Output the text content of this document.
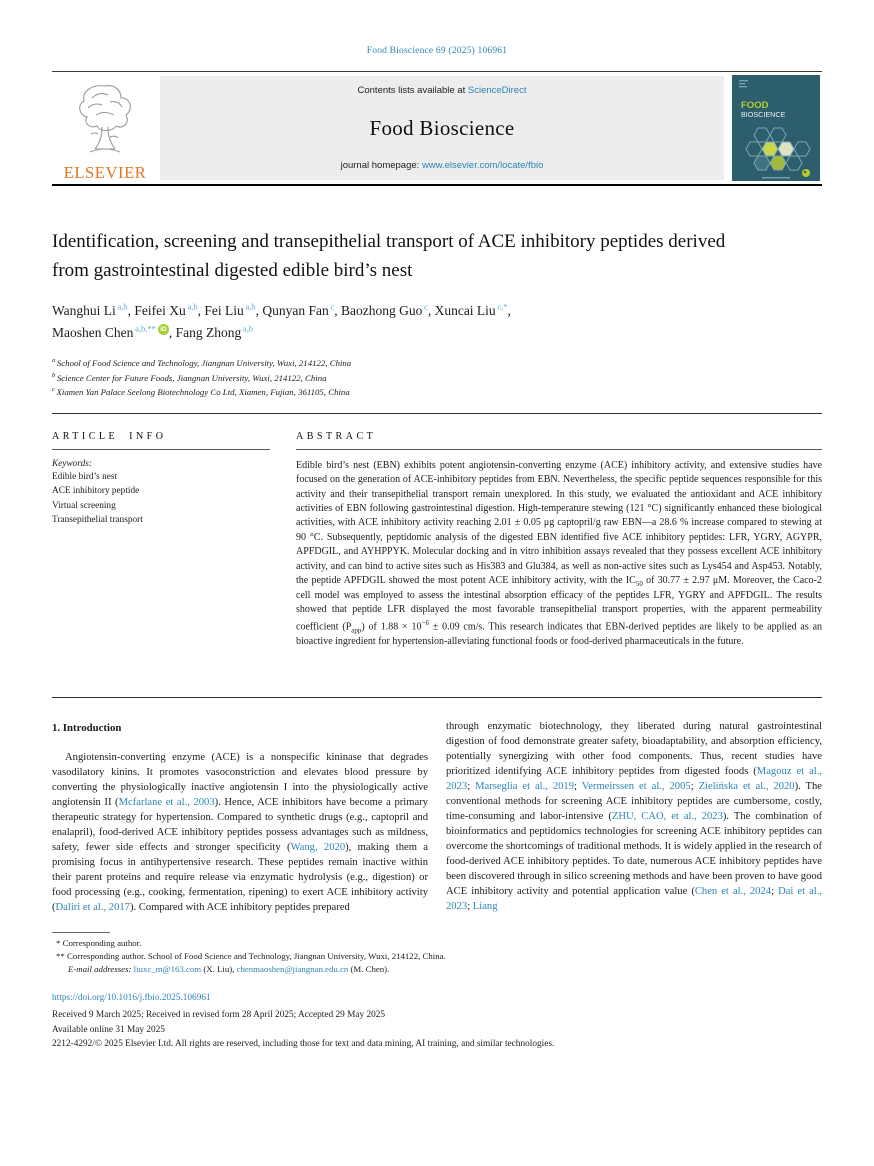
Food Bioscience 69 (2025) 106961
ELSEVIER
Contents lists available at ScienceDirect
Food Bioscience
journal homepage: www.elsevier.com/locate/fbio
FOOD
BIOSCIENCE
Identification, screening and transepithelial transport of ACE inhibitory peptides derived from gastrointestinal digested edible bird’s nest
Wanghui Li $^{a,b}$, Feifei Xu $^{a,b}$, Fei Liu $^{a,b}$, Qunyan Fan $^c$, Baozhong Guo $^c$, Xuncai Liu $^{c,*}$,
Maoshen Chen $^{a,b,**}$ iD , Fang Zhong $^{a,b}$
$^a$ School of Food Science and Technology, Jiangnan University, Wuxi, 214122, China
$^b$ Science Center for Future Foods, Jiangnan University, Wuxi, 214122, China
$^c$ Xiamen Yan Palace Seelong Biotechnology Co Ltd, Xiamen, Fujian, 361105, China
ARTICLE INFO
Keywords:
Edible bird’s nest
ACE inhibitory peptide
Virtual screening
Transepithelial transport
ABSTRACT
Edible bird’s nest (EBN) exhibits potent angiotensin-converting enzyme (ACE) inhibitory activity, and extensive studies have focused on the generation of ACE-inhibitory peptides from EBN. Nevertheless, the specific peptide sequences responsible for this activity and their transepithelial transport remain unexplored. In this study, we evaluated the antioxidant and ACE inhibitory activities of EBN following gastrointestinal digestion. High-temperature stewing (121 °C) significantly enhanced these biological activities, with ACE inhibitory activity reaching 2.01 ± 0.05 μg captopril/g raw EBN—a 28.6 % increase compared to stewing at 90 °C. Subsequently, peptidomic analysis of the digested EBN identified five ACE inhibitory peptides: LFR, YGRY, AGYPR, APFDGIL, and AYHPPYK. Molecular docking and in vitro inhibition assays revealed that they possess excellent ACE inhibitory activity, and can bind to active sites such as His383 and Glu384, as well as non-active sites such as Lys454 and Asp453. Notably, the peptide APFDGIL showed the most potent ACE inhibitory activity, with the $IC_{50}$ of 30.77 ± 2.97 μM. Moreover, the Caco-2 cell model was employed to assess the intestinal absorption efficacy of the peptides LFR, YGRY and APFDGIL. The results showed that peptide LFR displayed the most favorable transepithelial transport properties, with the apparent permeability coefficient $(P_{app})$ of $1.88 \times 10^{-6} \pm 0.09$ cm/s. This research indicates that EBN-derived peptides are likely to be applied as an bioactive ingredient for hypertension-alleviating functional foods or food-derived pharmaceuticals in the future.
1. Introduction
Angiotensin-converting enzyme (ACE) is a nonspecific kininase that degrades vasodilatory kinins. It promotes vasoconstriction and elevates blood pressure by converting the physiologically inactive angiotensin I into the physiologically active angiotensin II (Mcfarlane et al., 2003). Hence, ACE inhibitors have become a primary therapeutic strategy for hypertension. Compared to synthetic drugs (e.g., captopril and enalapril), food-derived ACE inhibitory peptides possess advantages such as mildness, safety, fewer side effects and stronger specificity (Wang, 2020), making them a promising focus in antihypertensive research. These peptides remain inactive within their parent proteins and require release via enzymatic hydrolysis (e.g., digestion) or food processing (e.g., cooking, fermentation, ripening) to exert ACE inhibitory activity (Daliri et al., 2017). Compared with ACE inhibitory peptides prepared
through enzymatic biotechnology, they liberated during natural gastrointestinal digestion of food demonstrate greater safety, bioadaptability, and absorption efficiency, potentially synergizing with other food components. Thus, recent studies have prioritized identifying ACE inhibitory peptides from digested foods (Magouz et al., 2023; Marseglia et al., 2019; Vermeirssen et al., 2005; Zielińska et al., 2020). The conventional methods for screening ACE inhibitory peptides are cumbersome, costly, time-consuming and labor-intensive (ZHU, CAO, et al., 2023). The combination of bioinformatics and peptidomics technologies for screening ACE inhibitory peptides can overcome the shortcomings of traditional methods. It is widely applied in the research of food-derived ACE inhibitory peptides. To date, numerous ACE inhibitory peptides have been discovered through in silico screening methods and have been proven to have good ACE inhibitory activity and potential application value (Chen et al., 2024; Dai et al., 2023; Liang
* Corresponding author.
** Corresponding author. School of Food Science and Technology, Jiangnan University, Wuxi, 214122, China.
E-mail addresses: liuxc_m@163.com (X. Liu), chenmaoshen@jiangnan.edu.cn (M. Chen).
https://doi.org/10.1016/j.fbio.2025.106961
Received 9 March 2025; Received in revised form 28 April 2025; Accepted 29 May 2025
Available online 31 May 2025
2212-4292/© 2025 Elsevier Ltd. All rights are reserved, including those for text and data mining, AI training, and similar technologies.
